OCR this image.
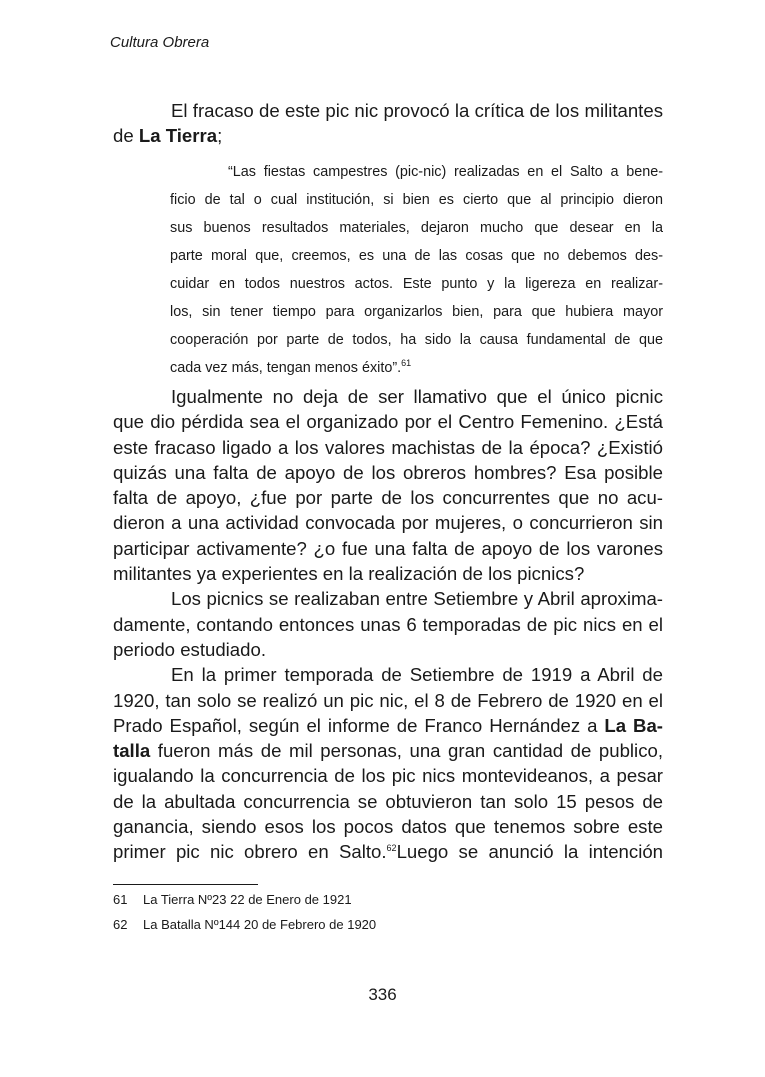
Cultura Obrera
El fracaso de este pic nic provocó la crítica de los militantes
de La Tierra;
“Las fiestas campestres (pic-nic) realizadas en el Salto a bene-
ficio de tal o cual institución, si bien es cierto que al principio dieron
sus buenos resultados materiales, dejaron mucho que desear en la
parte moral que, creemos, es una de las cosas que no debemos des-
cuidar en todos nuestros actos. Este punto y la ligereza en realizar-
los, sin tener tiempo para organizarlos bien, para que hubiera mayor
cooperación por parte de todos, ha sido la causa fundamental de que
cada vez más, tengan menos éxito”.$^{61}$
Igualmente no deja de ser llamativo que el único picnic
que dio pérdida sea el organizado por el Centro Femenino. ¿Está
este fracaso ligado a los valores machistas de la época? ¿Existió
quizás una falta de apoyo de los obreros hombres? Esa posible
falta de apoyo, ¿fue por parte de los concurrentes que no acu-
dieron a una actividad convocada por mujeres, o concurrieron sin
participar activamente? ¿o fue una falta de apoyo de los varones
militantes ya experientes en la realización de los picnics?
Los picnics se realizaban entre Setiembre y Abril aproxima-
damente, contando entonces unas 6 temporadas de pic nics en el
periodo estudiado.
En la primer temporada de Setiembre de 1919 a Abril de
1920, tan solo se realizó un pic nic, el 8 de Febrero de 1920 en el
Prado Español, según el informe de Franco Hernández a La Ba-
talla fueron más de mil personas, una gran cantidad de publico,
igualando la concurrencia de los pic nics montevideanos, a pesar
de la abultada concurrencia se obtuvieron tan solo 15 pesos de
ganancia, siendo esos los pocos datos que tenemos sobre este
primer pic nic obrero en Salto.$^{62}$Luego se anunció la intención
61 La Tierra Nº23 22 de Enero de 1921
62 La Batalla Nº144 20 de Febrero de 1920
336
